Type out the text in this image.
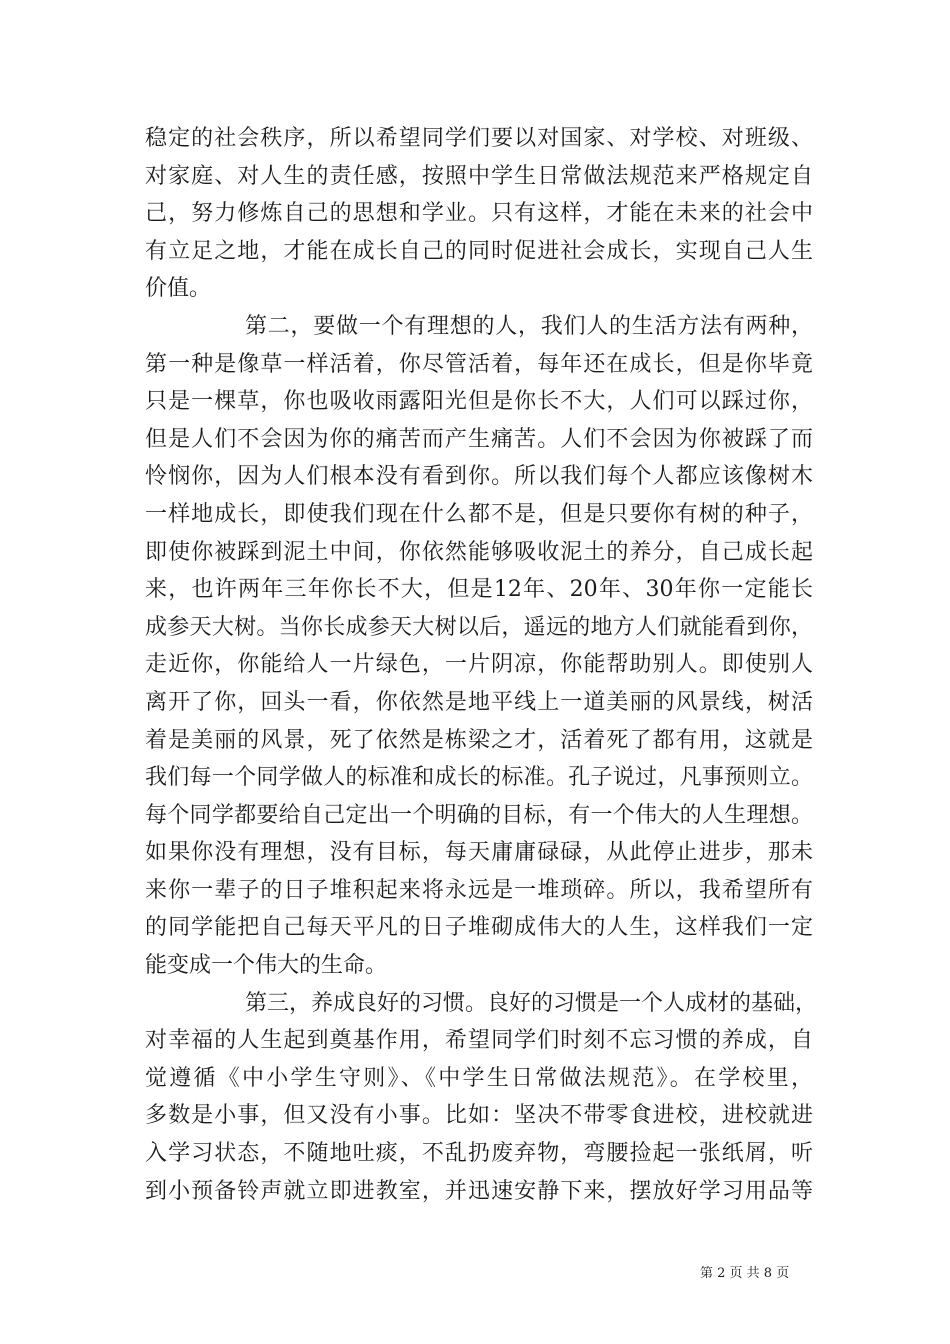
稳定的社会秩序，所以希望同学们要以对国家、对学校、对班级、
对家庭、对人生的责任感，按照中学生日常做法规范来严格规定自
己，努力修炼自己的思想和学业。只有这样，才能在未来的社会中
有立足之地，才能在成长自己的同时促进社会成长，实现自己人生
价值。
第二，要做一个有理想的人，我们人的生活方法有两种，
第一种是像草一样活着，你尽管活着，每年还在成长，但是你毕竟
只是一棵草，你也吸收雨露阳光但是你长不大，人们可以踩过你，
但是人们不会因为你的痛苦而产生痛苦。人们不会因为你被踩了而
怜悯你，因为人们根本没有看到你。所以我们每个人都应该像树木
一样地成长，即使我们现在什么都不是，但是只要你有树的种子，
即使你被踩到泥土中间，你依然能够吸收泥土的养分，自己成长起
来，也许两年三年你长不大，但是12年、20年、30年你一定能长
成参天大树。当你长成参天大树以后，遥远的地方人们就能看到你，
走近你，你能给人一片绿色，一片阴凉，你能帮助别人。即使别人
离开了你，回头一看，你依然是地平线上一道美丽的风景线，树活
着是美丽的风景，死了依然是栋梁之才，活着死了都有用，这就是
我们每一个同学做人的标准和成长的标准。孔子说过，凡事预则立。
每个同学都要给自己定出一个明确的目标，有一个伟大的人生理想。
如果你没有理想，没有目标，每天庸庸碌碌，从此停止进步，那未
来你一辈子的日子堆积起来将永远是一堆琐碎。所以，我希望所有
的同学能把自己每天平凡的日子堆砌成伟大的人生，这样我们一定
能变成一个伟大的生命。
第三，养成良好的习惯。良好的习惯是一个人成材的基础，
对幸福的人生起到奠基作用，希望同学们时刻不忘习惯的养成，自
觉遵循《中小学生守则》、《中学生日常做法规范》。在学校里，
多数是小事，但又没有小事。比如：坚决不带零食进校，进校就进
入学习状态，不随地吐痰，不乱扔废弃物，弯腰捡起一张纸屑，听
到小预备铃声就立即进教室，并迅速安静下来，摆放好学习用品等
第 2 页 共 8 页
